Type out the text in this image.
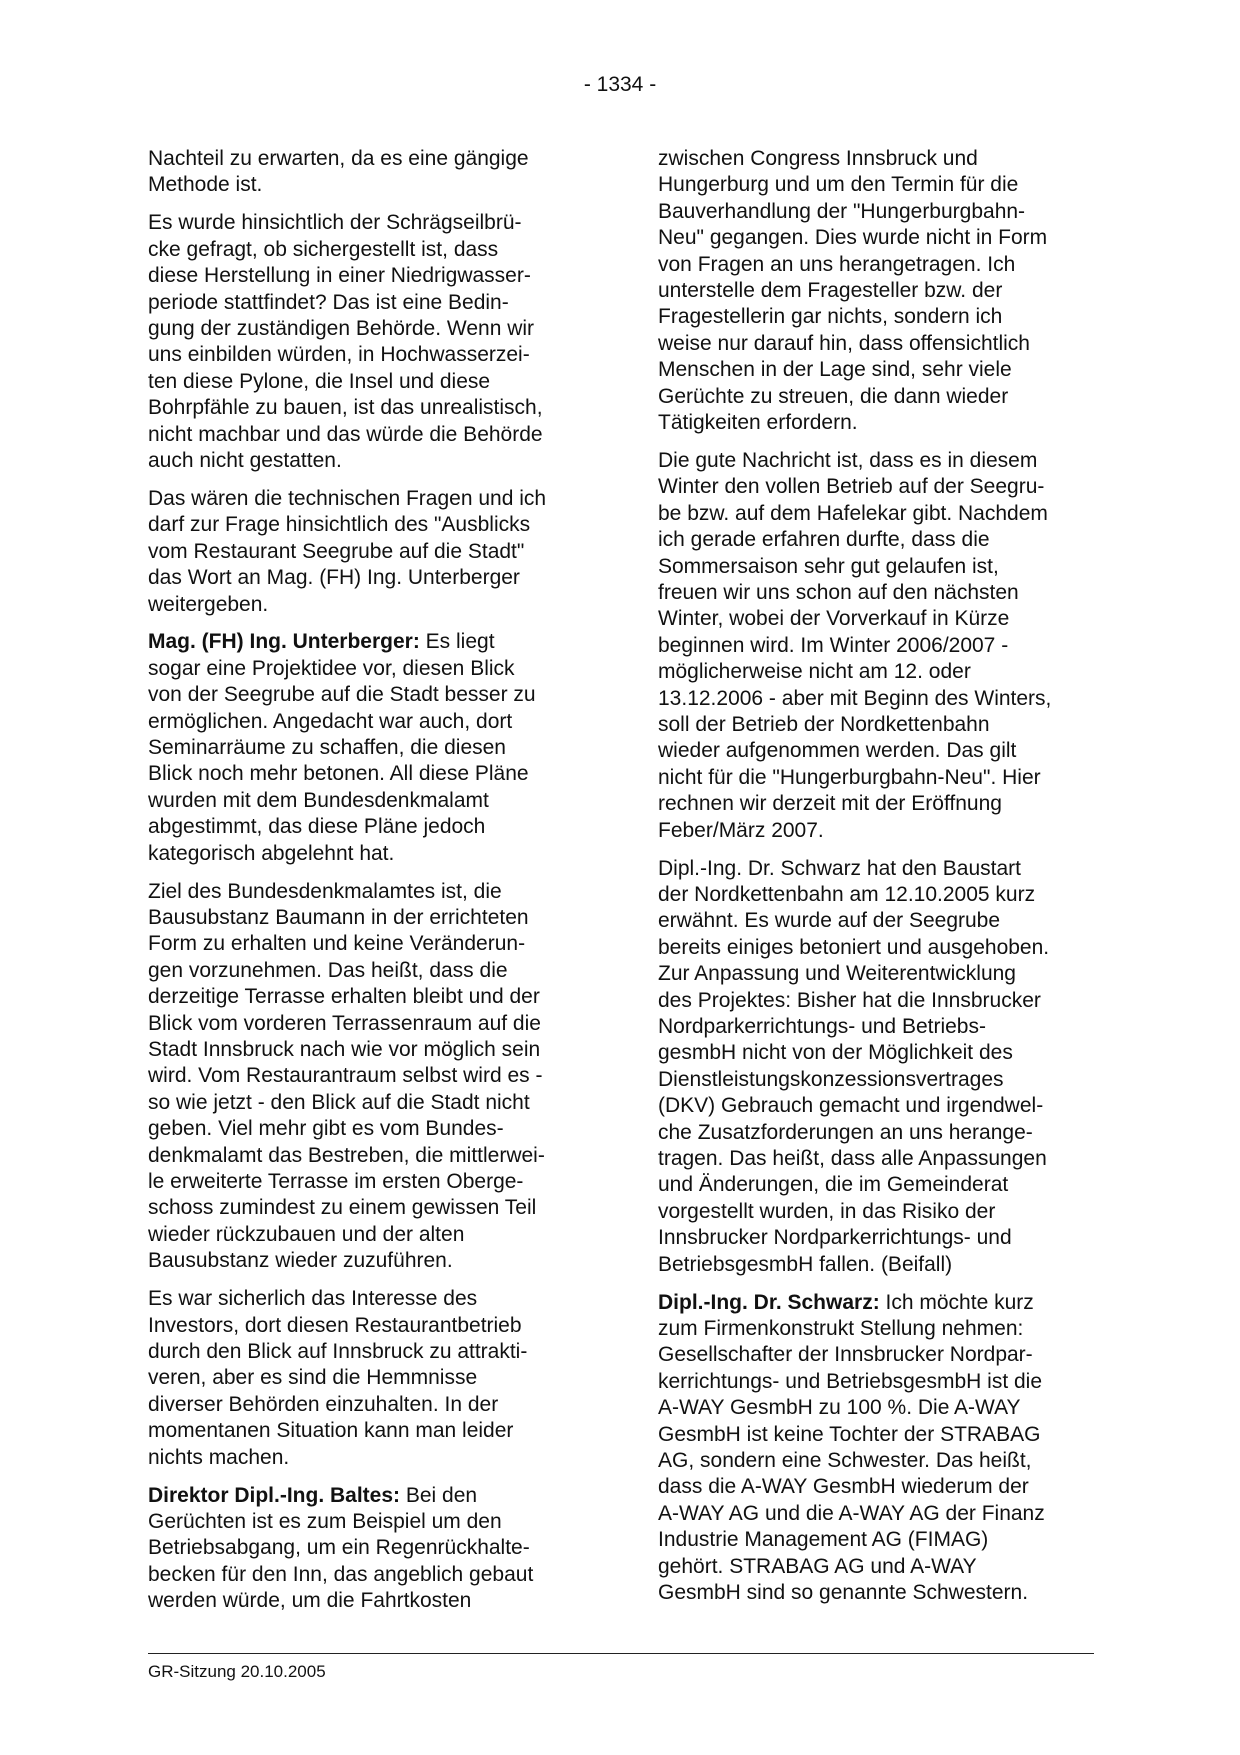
- 1334 -

Nachteil zu erwarten, da es eine gängige
Methode ist.

Es wurde hinsichtlich der Schrägseilbrü-
cke gefragt, ob sichergestellt ist, dass
diese Herstellung in einer Niedrigwasser-
periode stattfindet? Das ist eine Bedin-
gung der zuständigen Behörde. Wenn wir
uns einbilden würden, in Hochwasserzei-
ten diese Pylone, die Insel und diese
Bohrpfähle zu bauen, ist das unrealistisch,
nicht machbar und das würde die Behörde
auch nicht gestatten.

Das wären die technischen Fragen und ich
darf zur Frage hinsichtlich des "Ausblicks
vom Restaurant Seegrube auf die Stadt"
das Wort an Mag. (FH) Ing. Unterberger
weitergeben.

Mag. (FH) Ing. Unterberger: Es liegt
sogar eine Projektidee vor, diesen Blick
von der Seegrube auf die Stadt besser zu
ermöglichen. Angedacht war auch, dort
Seminarräume zu schaffen, die diesen
Blick noch mehr betonen. All diese Pläne
wurden mit dem Bundesdenkmalamt
abgestimmt, das diese Pläne jedoch
kategorisch abgelehnt hat.

Ziel des Bundesdenkmalamtes ist, die
Bausubstanz Baumann in der errichteten
Form zu erhalten und keine Veränderun-
gen vorzunehmen. Das heißt, dass die
derzeitige Terrasse erhalten bleibt und der
Blick vom vorderen Terrassenraum auf die
Stadt Innsbruck nach wie vor möglich sein
wird. Vom Restaurantraum selbst wird es -
so wie jetzt - den Blick auf die Stadt nicht
geben. Viel mehr gibt es vom Bundes-
denkmalamt das Bestreben, die mittlerwei-
le erweiterte Terrasse im ersten Oberge-
schoss zumindest zu einem gewissen Teil
wieder rückzubauen und der alten
Bausubstanz wieder zuzuführen.

Es war sicherlich das Interesse des
Investors, dort diesen Restaurantbetrieb
durch den Blick auf Innsbruck zu attrakti-
veren, aber es sind die Hemmnisse
diverser Behörden einzuhalten. In der
momentanen Situation kann man leider
nichts machen.

Direktor Dipl.-Ing. Baltes: Bei den
Gerüchten ist es zum Beispiel um den
Betriebsabgang, um ein Regenrückhalte-
becken für den Inn, das angeblich gebaut
werden würde, um die Fahrtkosten

zwischen Congress Innsbruck und
Hungerburg und um den Termin für die
Bauverhandlung der "Hungerburgbahn-
Neu" gegangen. Dies wurde nicht in Form
von Fragen an uns herangetragen. Ich
unterstelle dem Fragesteller bzw. der
Fragestellerin gar nichts, sondern ich
weise nur darauf hin, dass offensichtlich
Menschen in der Lage sind, sehr viele
Gerüchte zu streuen, die dann wieder
Tätigkeiten erfordern.

Die gute Nachricht ist, dass es in diesem
Winter den vollen Betrieb auf der Seegru-
be bzw. auf dem Hafelekar gibt. Nachdem
ich gerade erfahren durfte, dass die
Sommersaison sehr gut gelaufen ist,
freuen wir uns schon auf den nächsten
Winter, wobei der Vorverkauf in Kürze
beginnen wird. Im Winter 2006/2007 -
möglicherweise nicht am 12. oder
13.12.2006 - aber mit Beginn des Winters,
soll der Betrieb der Nordkettenbahn
wieder aufgenommen werden. Das gilt
nicht für die "Hungerburgbahn-Neu". Hier
rechnen wir derzeit mit der Eröffnung
Feber/März 2007.

Dipl.-Ing. Dr. Schwarz hat den Baustart
der Nordkettenbahn am 12.10.2005 kurz
erwähnt. Es wurde auf der Seegrube
bereits einiges betoniert und ausgehoben.
Zur Anpassung und Weiterentwicklung
des Projektes: Bisher hat die Innsbrucker
Nordparkerrichtungs- und Betriebs-
gesmbH nicht von der Möglichkeit des
Dienstleistungskonzessionsvertrages
(DKV) Gebrauch gemacht und irgendwel-
che Zusatzforderungen an uns herange-
tragen. Das heißt, dass alle Anpassungen
und Änderungen, die im Gemeinderat
vorgestellt wurden, in das Risiko der
Innsbrucker Nordparkerrichtungs- und
BetriebsgesmbH fallen. (Beifall)

Dipl.-Ing. Dr. Schwarz: Ich möchte kurz
zum Firmenkonstrukt Stellung nehmen:
Gesellschafter der Innsbrucker Nordpar-
kerrichtungs- und BetriebsgesmbH ist die
A-WAY GesmbH zu 100 %. Die A-WAY
GesmbH ist keine Tochter der STRABAG
AG, sondern eine Schwester. Das heißt,
dass die A-WAY GesmbH wiederum der
A-WAY AG und die A-WAY AG der Finanz
Industrie Management AG (FIMAG)
gehört. STRABAG AG und A-WAY
GesmbH sind so genannte Schwestern.

GR-Sitzung 20.10.2005
